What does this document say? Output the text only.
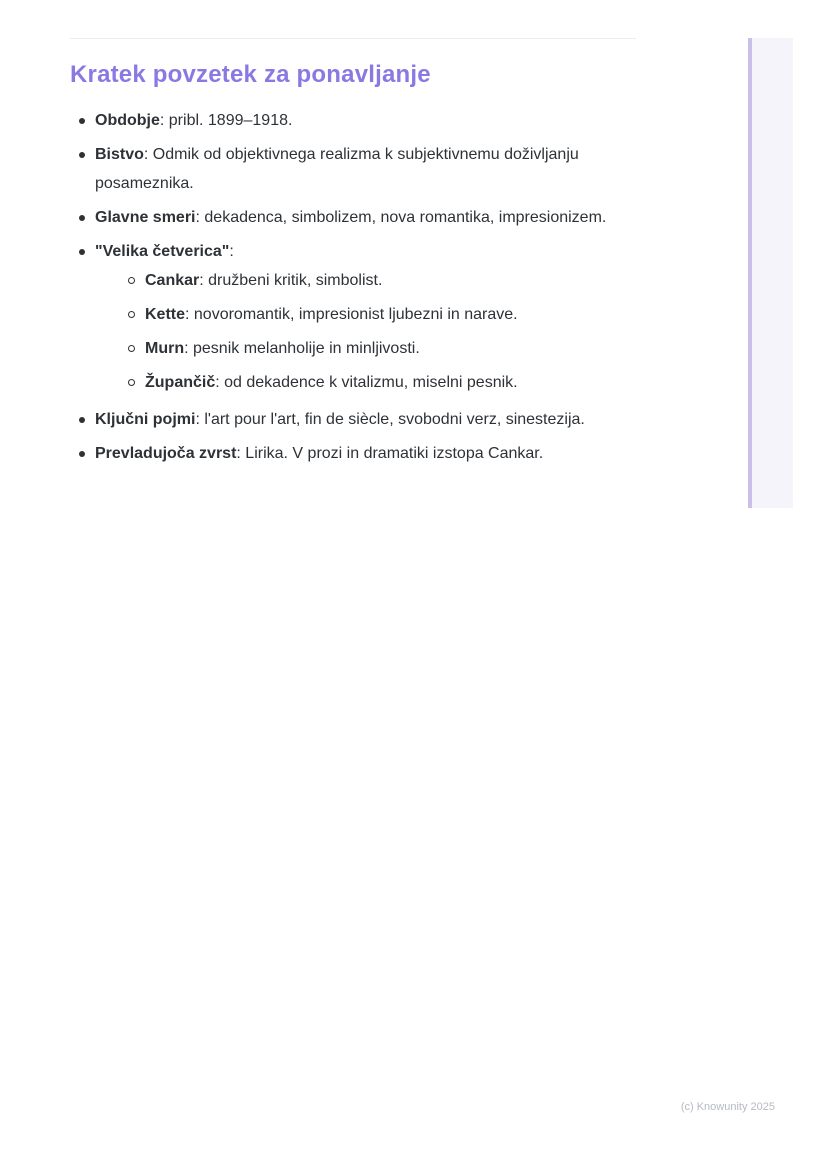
Kratek povzetek za ponavljanje
Obdobje: pribl. 1899–1918.
Bistvo: Odmik od objektivnega realizma k subjektivnemu doživljanju posameznika.
Glavne smeri: dekadenca, simbolizem, nova romantika, impresionizem.
"Velika četverica":
Cankar: družbeni kritik, simbolist.
Kette: novoromantik, impresionist ljubezni in narave.
Murn: pesnik melanholije in minljivosti.
Župančič: od dekadence k vitalizmu, miselni pesnik.
Ključni pojmi: l'art pour l'art, fin de siècle, svobodni verz, sinestezija.
Prevladujoča zvrst: Lirika. V prozi in dramatiki izstopa Cankar.
(c) Knowunity 2025
